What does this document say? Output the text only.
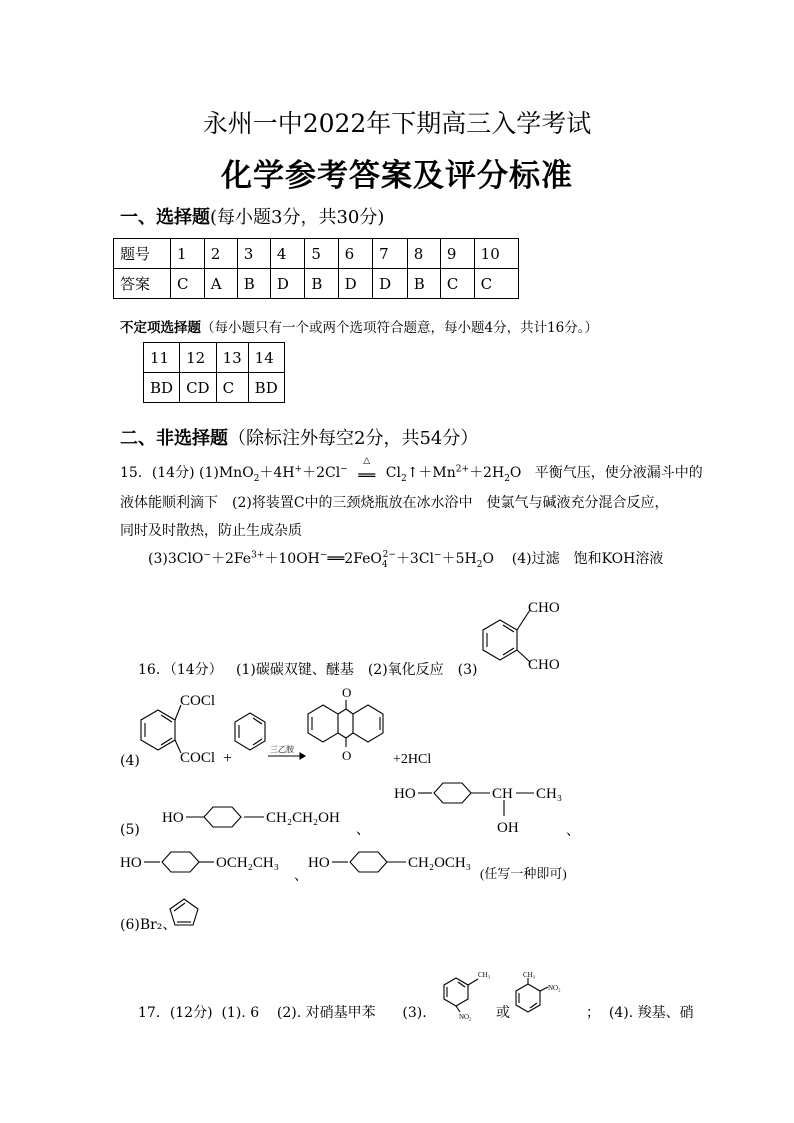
永州一中2022年下期高三入学考试
化学参考答案及评分标准
一、选择题(每小题3分，共30分)
题号	1	2	3	4	5	6	7	8	9	10
答案	C	A	B	D	B	D	D	B	C	C
不定项选择题（每小题只有一个或两个选项符合题意，每小题4分，共计16分。）
11	12	13	14
BD	CD	C	BD
二、非选择题（除标注外每空2分，共54分）
15．(14分) (1)MnO$_2$＋4H+＋2Cl−
△
══ $Cl_2↑+Mn^{2+}+2H_2O$ 平衡气压，使分液漏斗中的
液体能顺利滴下　(2)将装置C中的三颈烧瓶放在冰水浴中　使氯气与碱液充分混合反应，
同时及时散热，防止生成杂质
$(3)3ClO^-+2Fe^{3+}+10OH^-══2FeO_4^{2-}+3Cl^-+5H_2O$ (4)过滤　饱和KOH溶液
16．（14分） (1)碳碳双键、醚基　(2)氧化反应　(3)
CHO
CHO
(4)
COCl
COCl +
三乙胺
O
O	+2HCl
(5)
HO	CH₂CH₂OH
、
HO	CH CH₃
OH	、
HO	OCH₂CH₃
、
HO	CH₂OCH₃
(任写一种即可)
(6)Br₂、
17．(12分) (1). 6 (2). 对硝基甲苯 (3).
CH₃
NO₂ 或
CH₃
NO₂
； (4). 羧基、硝
